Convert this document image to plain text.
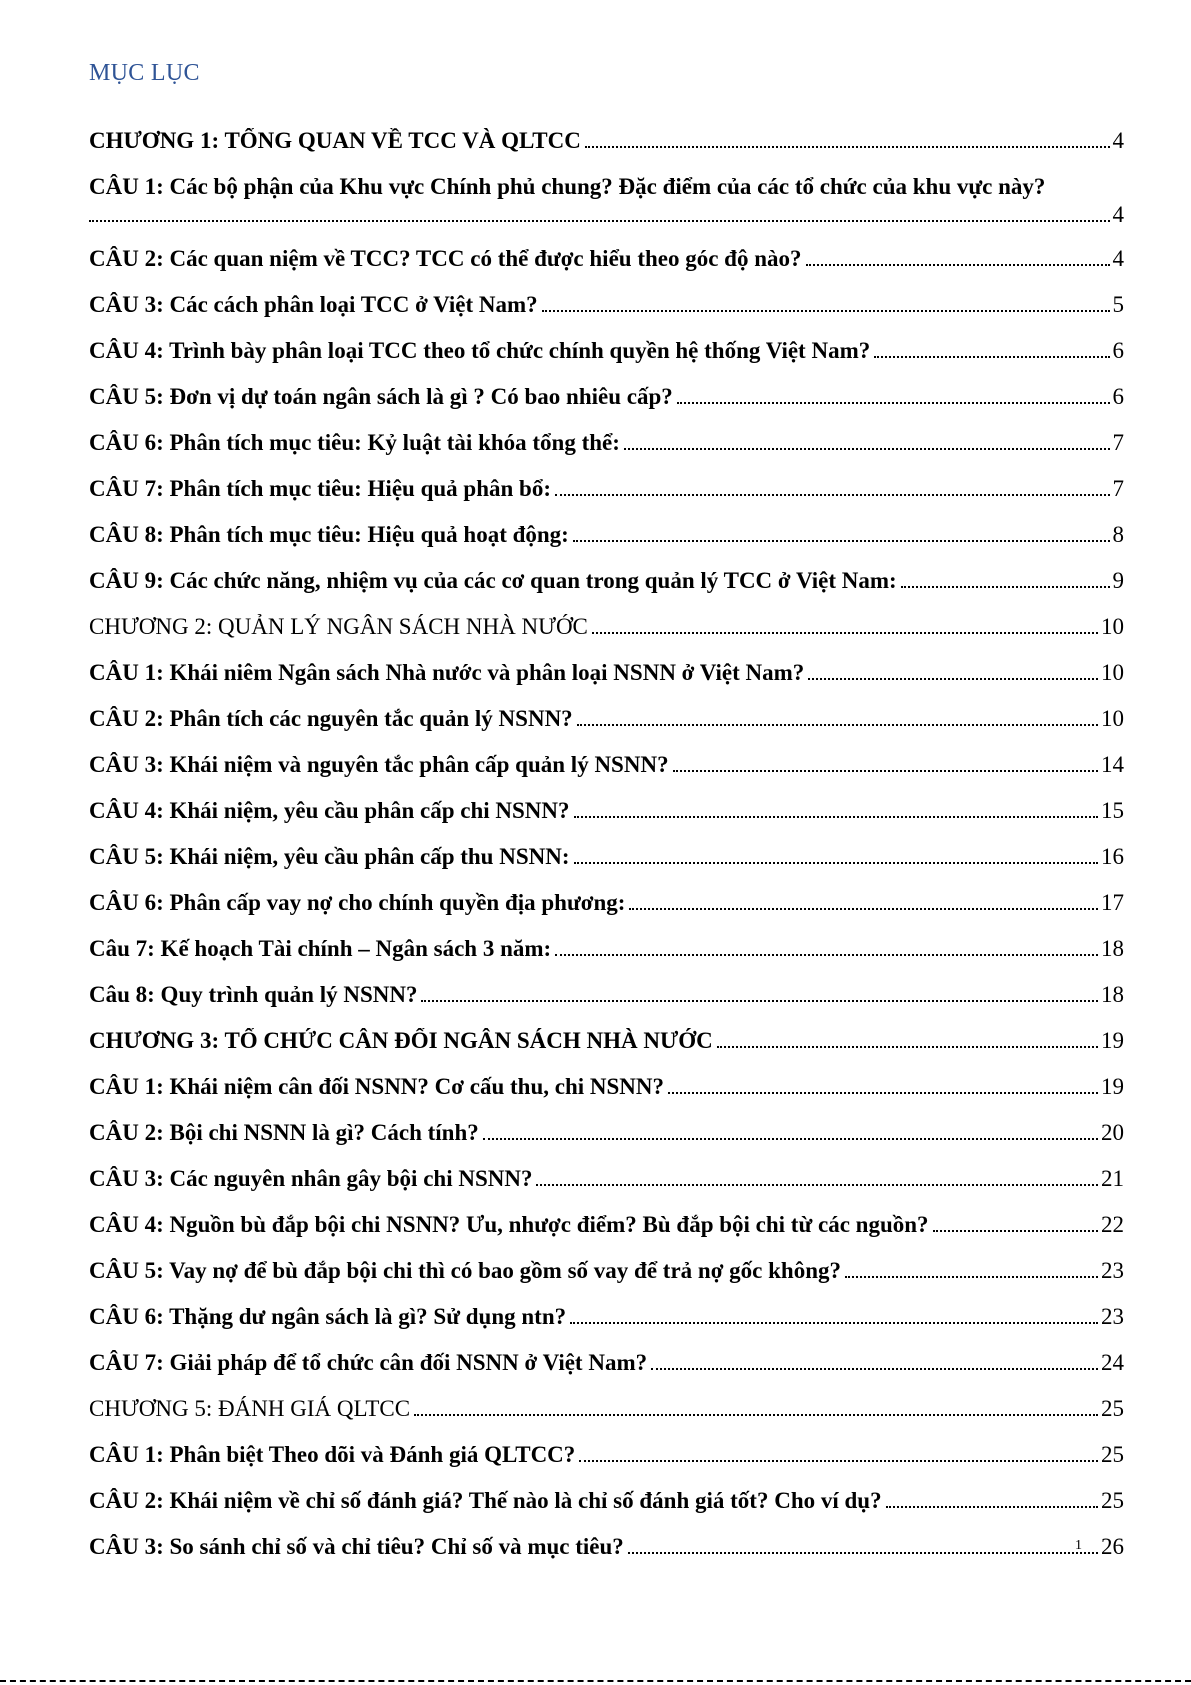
MỤC LỤC
CHƯƠNG 1: TỔNG QUAN VỀ TCC VÀ QLTCC	4
CÂU 1: Các bộ phận của Khu vực Chính phủ chung? Đặc điểm của các tổ chức của khu vực này?
4
CÂU 2: Các quan niệm về TCC? TCC có thể được hiểu theo góc độ nào?	4
CÂU 3: Các cách phân loại TCC ở Việt Nam?	5
CÂU 4: Trình bày phân loại TCC theo tổ chức chính quyền hệ thống Việt Nam?	6
CÂU 5: Đơn vị dự toán ngân sách là gì ? Có bao nhiêu cấp?	6
CÂU 6: Phân tích mục tiêu: Kỷ luật tài khóa tổng thể:	7
CÂU 7: Phân tích mục tiêu: Hiệu quả phân bổ:	7
CÂU 8: Phân tích mục tiêu: Hiệu quả hoạt động:	8
CÂU 9: Các chức năng, nhiệm vụ của các cơ quan trong quản lý TCC ở Việt Nam:	9
CHƯƠNG 2: QUẢN LÝ NGÂN SÁCH NHÀ NƯỚC	10
CÂU 1: Khái niêm Ngân sách Nhà nước và phân loại NSNN ở Việt Nam?	10
CÂU 2: Phân tích các nguyên tắc quản lý NSNN?	10
CÂU 3: Khái niệm và nguyên tắc phân cấp quản lý NSNN?	14
CÂU 4: Khái niệm, yêu cầu phân cấp chi NSNN?	15
CÂU 5: Khái niệm, yêu cầu phân cấp thu NSNN:	16
CÂU 6: Phân cấp vay nợ cho chính quyền địa phương:	17
Câu 7: Kế hoạch Tài chính – Ngân sách 3 năm:	18
Câu 8: Quy trình quản lý NSNN?	18
CHƯƠNG 3: TỔ CHỨC CÂN ĐỐI NGÂN SÁCH NHÀ NƯỚC	19
CÂU 1: Khái niệm cân đối NSNN? Cơ cấu thu, chi NSNN?	19
CÂU 2: Bội chi NSNN là gì? Cách tính?	20
CÂU 3: Các nguyên nhân gây bội chi NSNN?	21
CÂU 4: Nguồn bù đắp bội chi NSNN? Ưu, nhược điểm? Bù đắp bội chi từ các nguồn?	22
CÂU 5: Vay nợ để bù đắp bội chi thì có bao gồm số vay để trả nợ gốc không?	23
CÂU 6: Thặng dư ngân sách là gì? Sử dụng ntn?	23
CÂU 7: Giải pháp để tổ chức cân đối NSNN ở Việt Nam?	24
CHƯƠNG 5: ĐÁNH GIÁ QLTCC	25
CÂU 1: Phân biệt Theo dõi và Đánh giá QLTCC?	25
CÂU 2: Khái niệm về chỉ số đánh giá? Thế nào là chỉ số đánh giá tốt? Cho ví dụ?	25
CÂU 3: So sánh chỉ số và chỉ tiêu? Chỉ số và mục tiêu?	26
1
